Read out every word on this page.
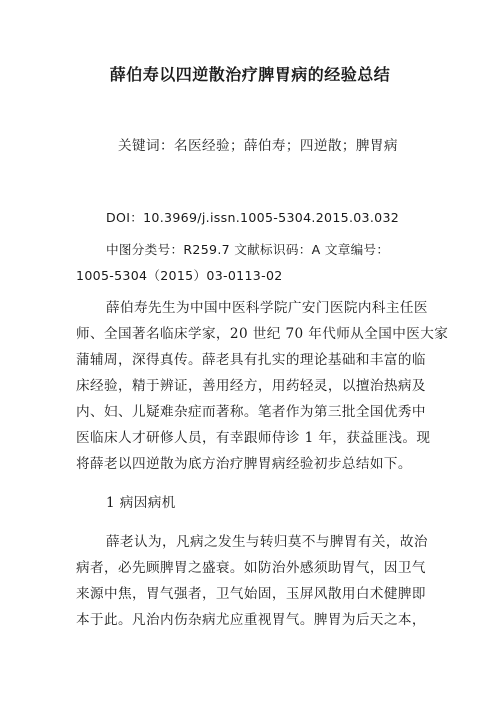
薛伯寿以四逆散治疗脾胃病的经验总结
关键词：名医经验；薛伯寿；四逆散；脾胃病
DOI：10.3969/j.issn.1005-5304.2015.03.032
中图分类号：R259.7 文献标识码：A 文章编号：
1005-5304（2015）03-0113-02
薛伯寿先生为中国中医科学院广安门医院内科主任医
师、全国著名临床学家，20 世纪 70 年代师从全国中医大家
蒲辅周，深得真传。薛老具有扎实的理论基础和丰富的临
床经验，精于辨证，善用经方，用药轻灵，以擅治热病及
内、妇、儿疑难杂症而著称。笔者作为第三批全国优秀中
医临床人才研修人员，有幸跟师侍诊 1 年，获益匪浅。现
将薛老以四逆散为底方治疗脾胃病经验初步总结如下。
1 病因病机
薛老认为，凡病之发生与转归莫不与脾胃有关，故治
病者，必先顾脾胃之盛衰。如防治外感须助胃气，因卫气
来源中焦，胃气强者，卫气始固，玉屏风散用白术健脾即
本于此。凡治内伤杂病尤应重视胃气。脾胃为后天之本，
